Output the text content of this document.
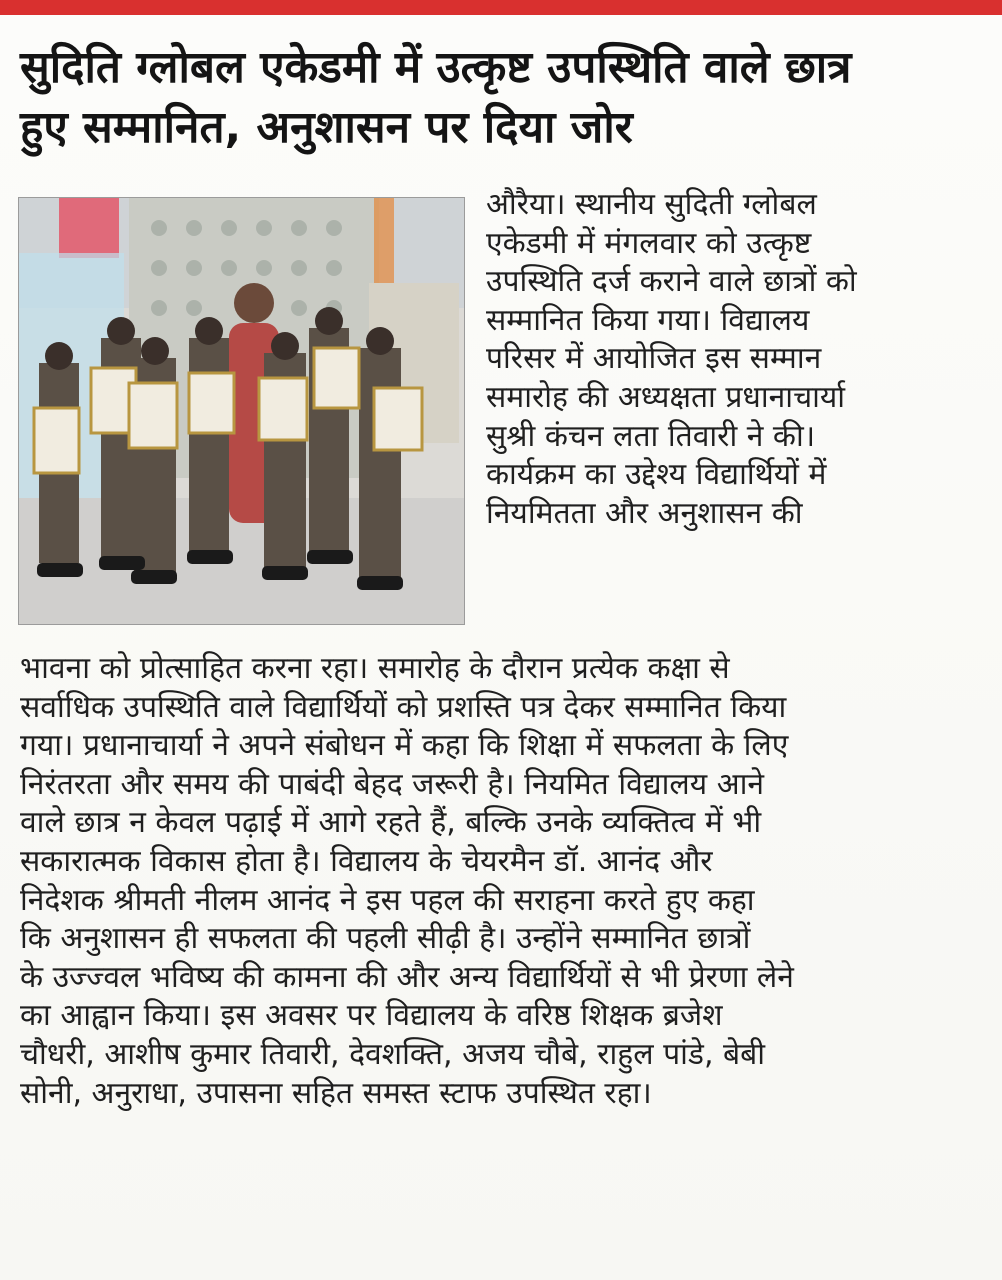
सुदिति ग्लोबल एकेडमी में उत्कृष्ट उपस्थिति वाले छात्र
हुए सम्मानित, अनुशासन पर दिया जोर
औरैया। स्थानीय सुदिती ग्लोबल
एकेडमी में मंगलवार को उत्कृष्ट
उपस्थिति दर्ज कराने वाले छात्रों को
सम्मानित किया गया। विद्यालय
परिसर में आयोजित इस सम्मान
समारोह की अध्यक्षता प्रधानाचार्या
सुश्री कंचन लता तिवारी ने की।
कार्यक्रम का उद्देश्य विद्यार्थियों में
नियमितता और अनुशासन की
भावना को प्रोत्साहित करना रहा। समारोह के दौरान प्रत्येक कक्षा से
सर्वाधिक उपस्थिति वाले विद्यार्थियों को प्रशस्ति पत्र देकर सम्मानित किया
गया। प्रधानाचार्या ने अपने संबोधन में कहा कि शिक्षा में सफलता के लिए
निरंतरता और समय की पाबंदी बेहद जरूरी है। नियमित विद्यालय आने
वाले छात्र न केवल पढ़ाई में आगे रहते हैं, बल्कि उनके व्यक्तित्व में भी
सकारात्मक विकास होता है। विद्यालय के चेयरमैन डॉ. आनंद और
निदेशक श्रीमती नीलम आनंद ने इस पहल की सराहना करते हुए कहा
कि अनुशासन ही सफलता की पहली सीढ़ी है। उन्होंने सम्मानित छात्रों
के उज्ज्वल भविष्य की कामना की और अन्य विद्यार्थियों से भी प्रेरणा लेने
का आह्वान किया। इस अवसर पर विद्यालय के वरिष्ठ शिक्षक ब्रजेश
चौधरी, आशीष कुमार तिवारी, देवशक्ति, अजय चौबे, राहुल पांडे, बेबी
सोनी, अनुराधा, उपासना सहित समस्त स्टाफ उपस्थित रहा।
